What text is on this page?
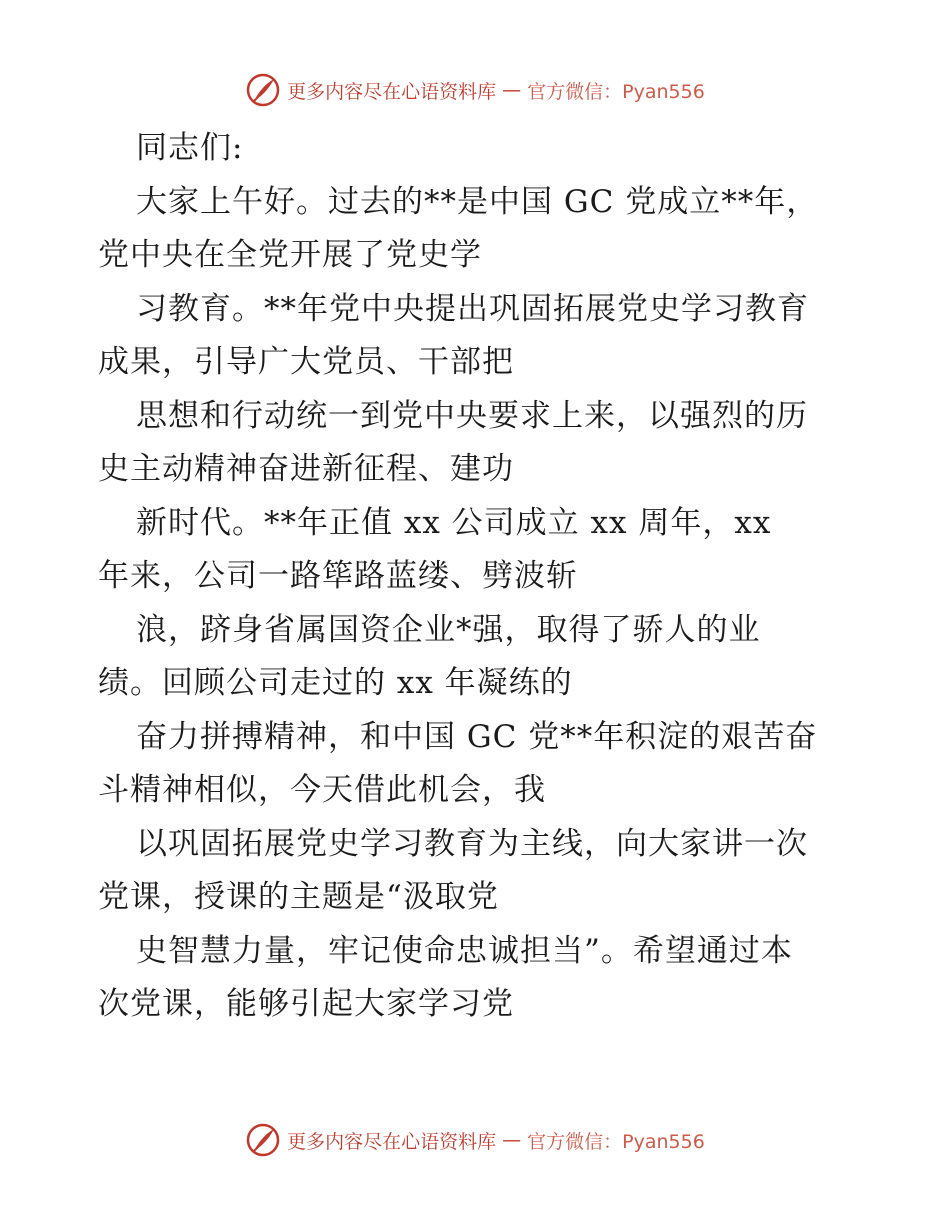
更多内容尽在心语资料库 — 官方微信：Pyan556
同志们:
大家上午好。过去的**是中国 GC 党成立**年，
党中央在全党开展了党史学
习教育。**年党中央提出巩固拓展党史学习教育
成果，引导广大党员、干部把
思想和行动统一到党中央要求上来，以强烈的历
史主动精神奋进新征程、建功
新时代。**年正值 xx 公司成立 xx 周年，xx
年来，公司一路筚路蓝缕、劈波斩
浪，跻身省属国资企业*强，取得了骄人的业
绩。回顾公司走过的 xx 年凝练的
奋力拼搏精神，和中国 GC 党**年积淀的艰苦奋
斗精神相似，今天借此机会，我
以巩固拓展党史学习教育为主线，向大家讲一次
党课，授课的主题是“汲取党
史智慧力量，牢记使命忠诚担当”。希望通过本
次党课，能够引起大家学习党
更多内容尽在心语资料库 — 官方微信：Pyan556
